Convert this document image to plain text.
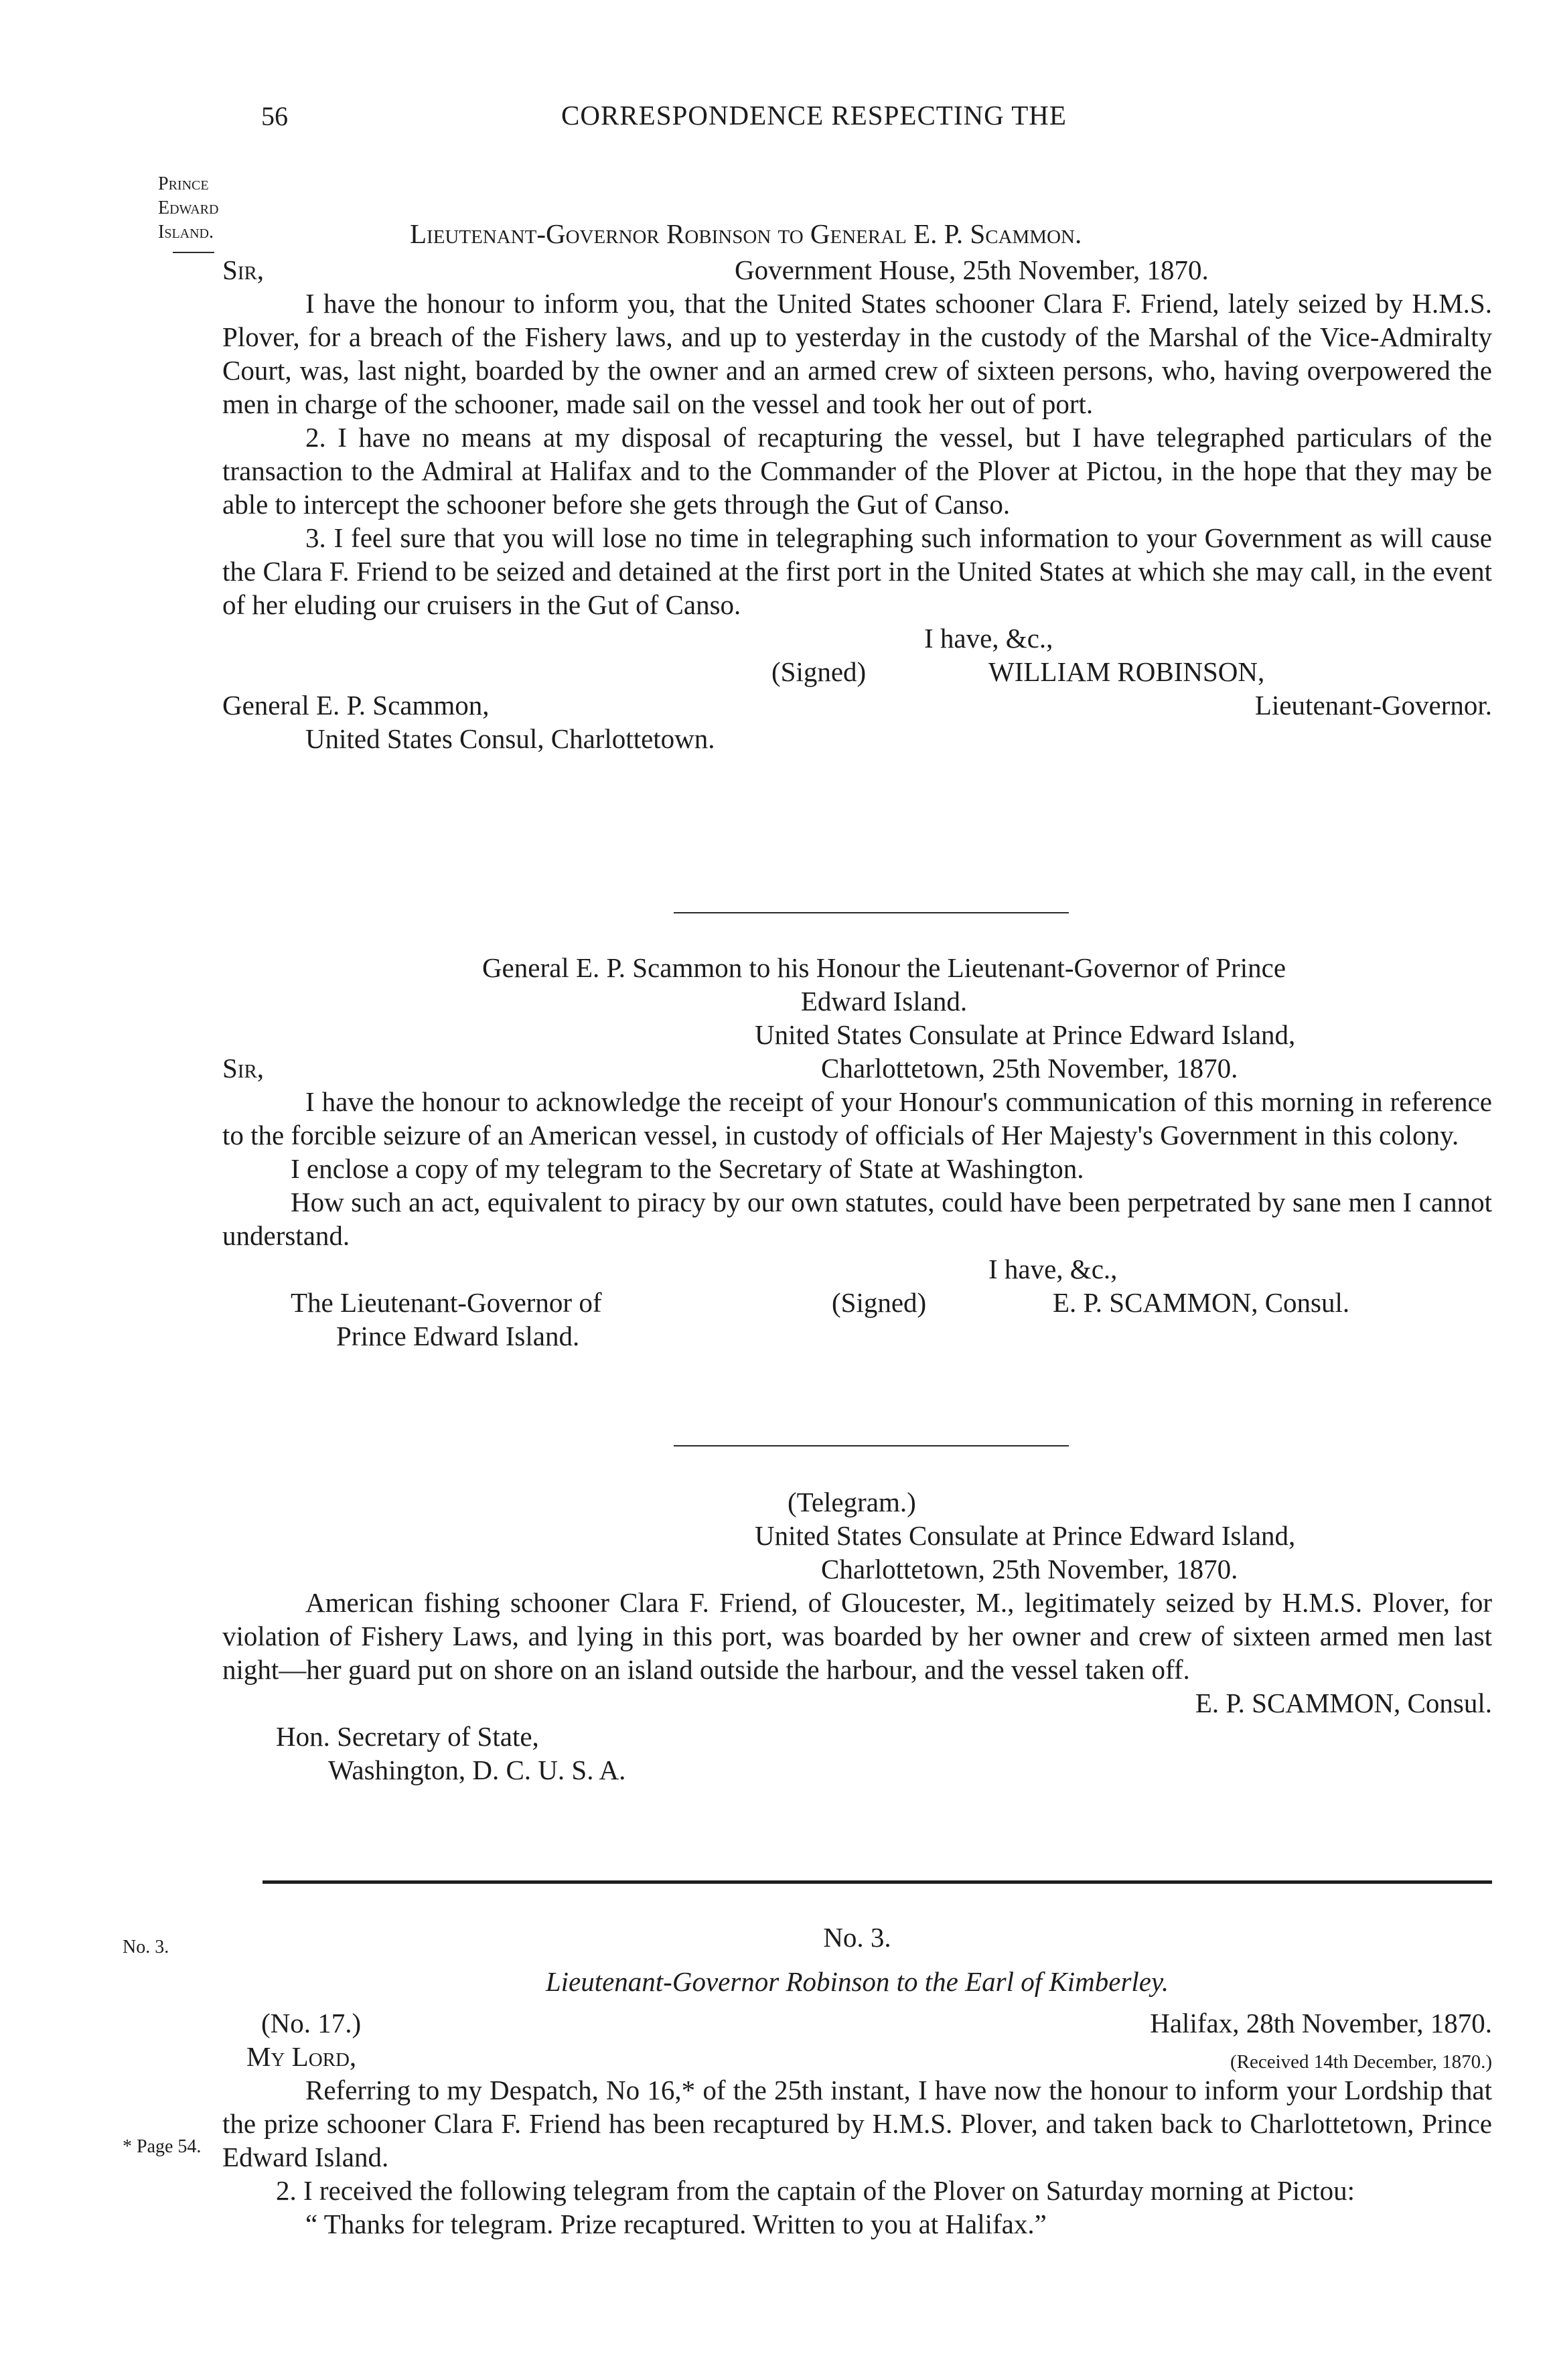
56	CORRESPONDENCE RESPECTING THE
Prince
Edward
Island.
No. 3.
* Page 54.
Lieutenant-Governor Robinson to General E. P. Scammon.
Sir,	Government House, 25th November, 1870.

I have the honour to inform you, that the United States schooner Clara F. Friend, lately seized by H.M.S. Plover, for a breach of the Fishery laws, and up to yesterday in the custody of the Marshal of the Vice-Admiralty Court, was, last night, boarded by the owner and an armed crew of sixteen persons, who, having overpowered the men in charge of the schooner, made sail on the vessel and took her out of port.

2. I have no means at my disposal of recapturing the vessel, but I have telegraphed particulars of the transaction to the Admiral at Halifax and to the Commander of the Plover at Pictou, in the hope that they may be able to intercept the schooner before she gets through the Gut of Canso.

3. I feel sure that you will lose no time in telegraphing such information to your Government as will cause the Clara F. Friend to be seized and detained at the first port in the United States at which she may call, in the event of her eluding our cruisers in the Gut of Canso.

I have, &c.,
(Signed)	WILLIAM ROBINSON,
General E. P. Scammon,	Lieutenant-Governor.
United States Consul, Charlottetown.
General E. P. Scammon to his Honour the Lieutenant-Governor of Prince
Edward Island.
United States Consulate at Prince Edward Island,
Sir,	Charlottetown, 25th November, 1870.

I have the honour to acknowledge the receipt of your Honour's communication of this morning in reference to the forcible seizure of an American vessel, in custody of officials of Her Majesty's Government in this colony.

I enclose a copy of my telegram to the Secretary of State at Washington.

How such an act, equivalent to piracy by our own statutes, could have been perpetrated by sane men I cannot understand.

I have, &c.,
The Lieutenant-Governor of	(Signed)	E. P. SCAMMON, Consul.
Prince Edward Island.
(Telegram.)
United States Consulate at Prince Edward Island,
Charlottetown, 25th November, 1870.

American fishing schooner Clara F. Friend, of Gloucester, M., legitimately seized by H.M.S. Plover, for violation of Fishery Laws, and lying in this port, was boarded by her owner and crew of sixteen armed men last night—her guard put on shore on an island outside the harbour, and the vessel taken off.

E. P. SCAMMON, Consul.
Hon. Secretary of State,
Washington, D. C. U. S. A.
No. 3.
Lieutenant-Governor Robinson to the Earl of Kimberley.
(No. 17.)	Halifax, 28th November, 1870.
My Lord,	(Received 14th December, 1870.)

Referring to my Despatch, No 16,* of the 25th instant, I have now the honour to inform your Lordship that the prize schooner Clara F. Friend has been recaptured by H.M.S. Plover, and taken back to Charlottetown, Prince Edward Island.

2. I received the following telegram from the captain of the Plover on Saturday morning at Pictou:

“ Thanks for telegram. Prize recaptured. Written to you at Halifax.”
